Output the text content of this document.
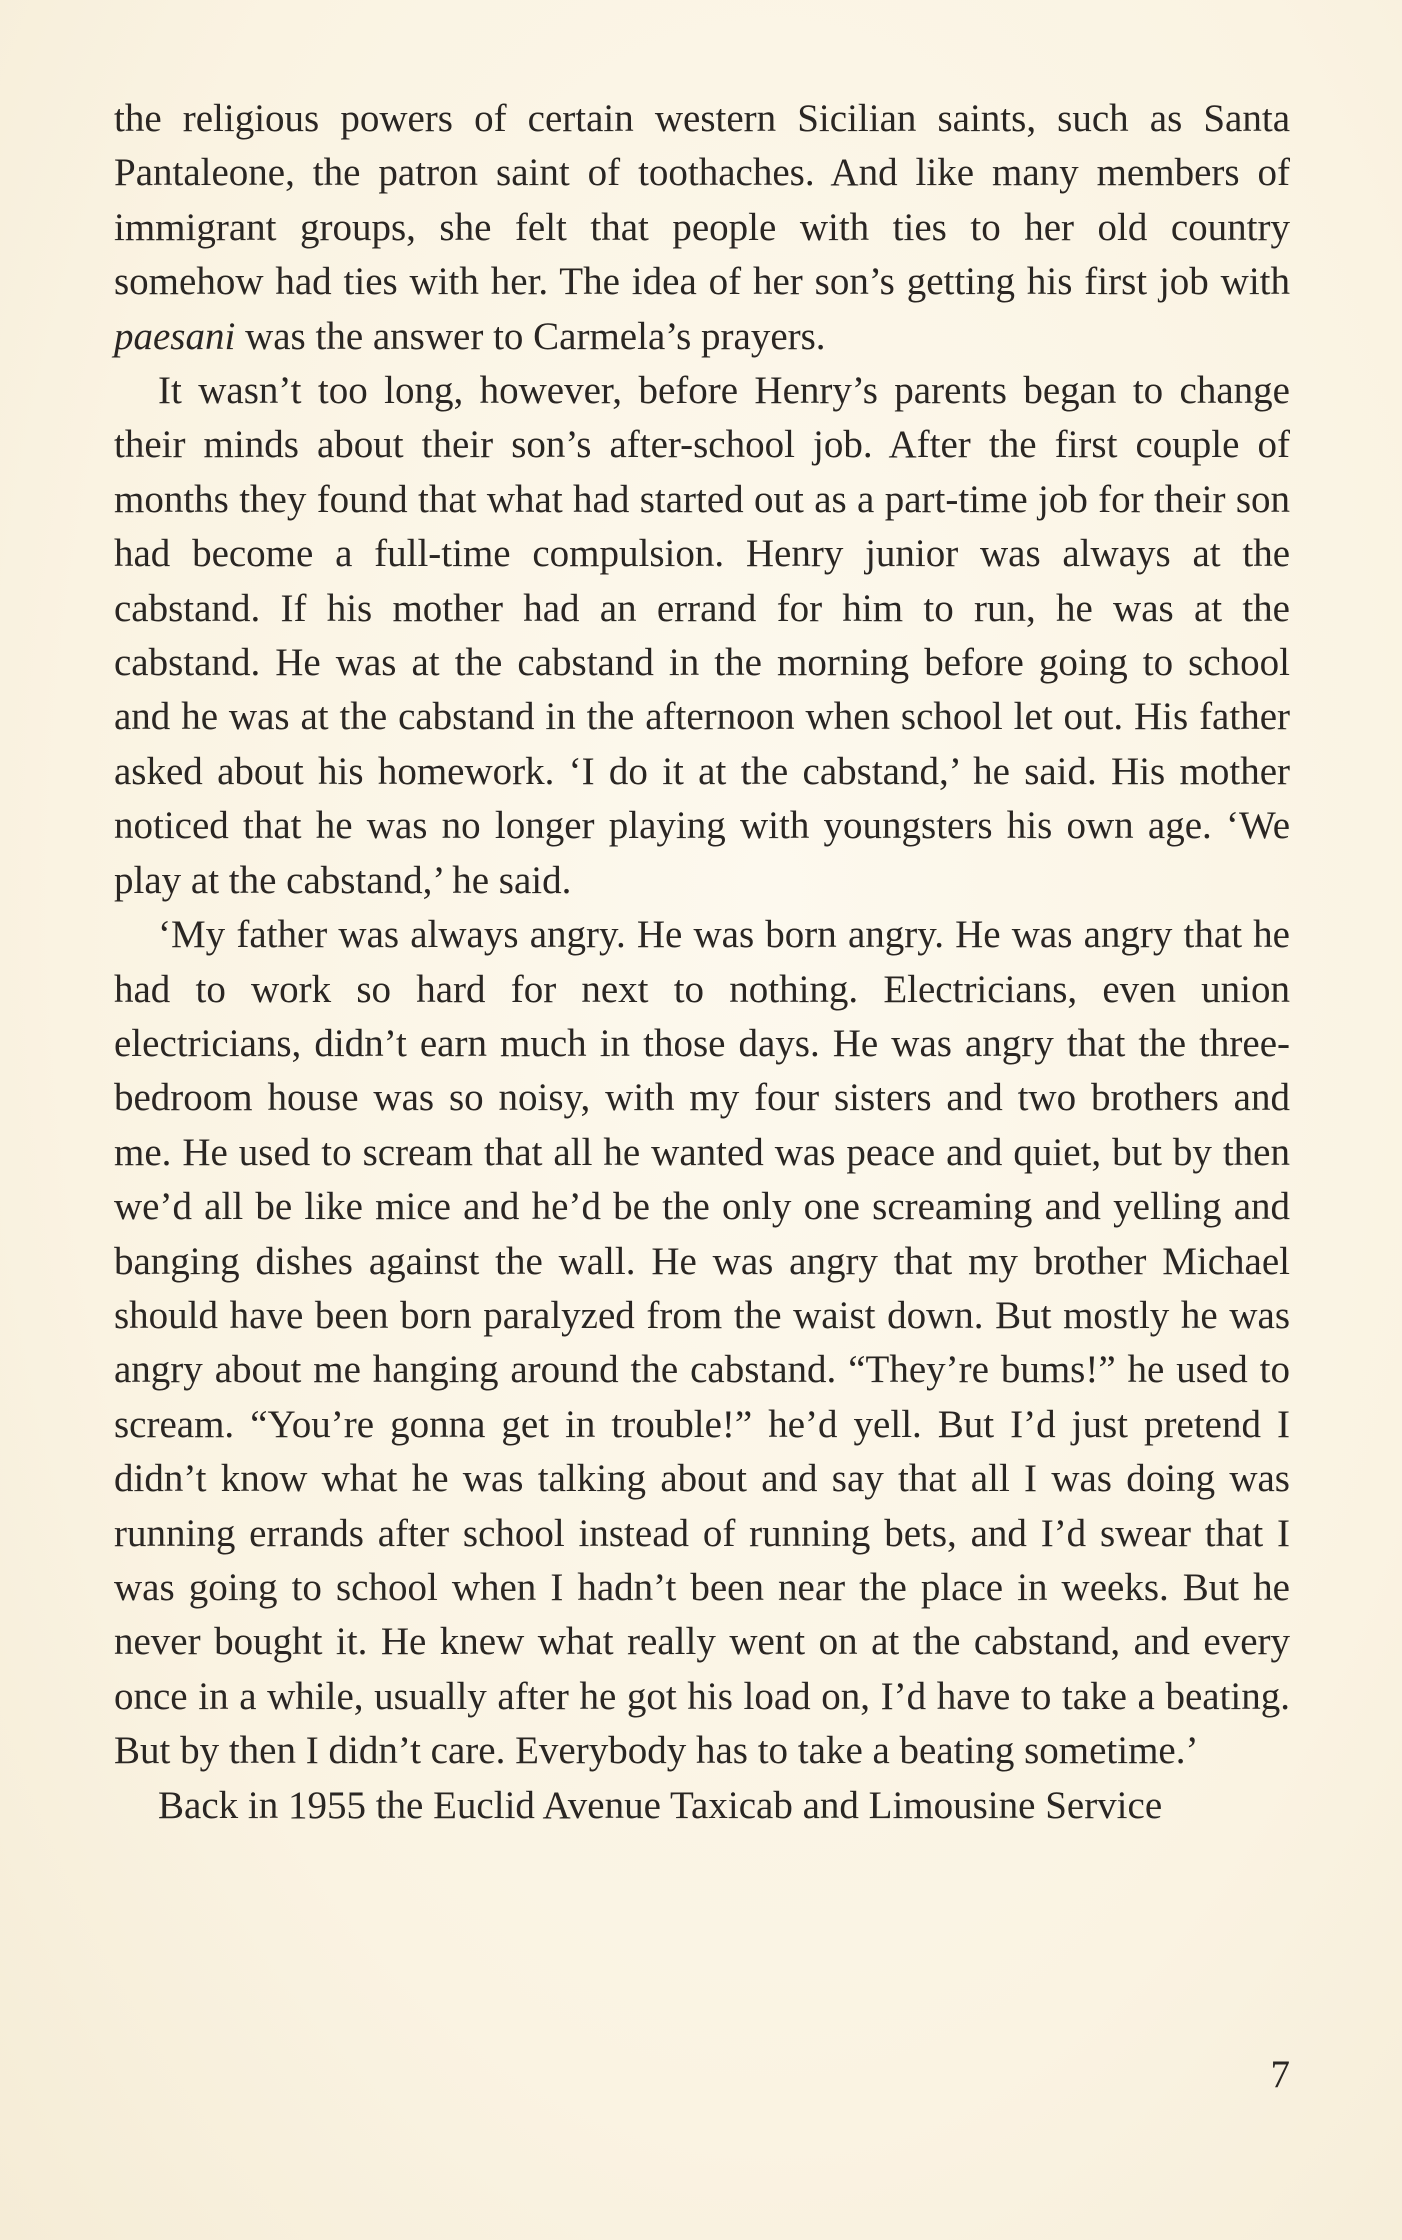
the religious powers of certain western Sicilian saints, such as Santa Pantaleone, the patron saint of toothaches. And like many members of immigrant groups, she felt that people with ties to her old country somehow had ties with her. The idea of her son’s getting his first job with paesani was the answer to Carmela’s prayers.

It wasn’t too long, however, before Henry’s parents began to change their minds about their son’s after-school job. After the first couple of months they found that what had started out as a part-time job for their son had become a full-time compulsion. Henry junior was always at the cabstand. If his mother had an errand for him to run, he was at the cabstand. He was at the cabstand in the morning before going to school and he was at the cabstand in the afternoon when school let out. His father asked about his homework. ‘I do it at the cabstand,’ he said. His mother noticed that he was no longer playing with youngsters his own age. ‘We play at the cabstand,’ he said.

‘My father was always angry. He was born angry. He was angry that he had to work so hard for next to nothing. Electricians, even union electricians, didn’t earn much in those days. He was angry that the three-bedroom house was so noisy, with my four sisters and two brothers and me. He used to scream that all he wanted was peace and quiet, but by then we’d all be like mice and he’d be the only one screaming and yelling and banging dishes against the wall. He was angry that my brother Michael should have been born paralyzed from the waist down. But mostly he was angry about me hanging around the cabstand. “They’re bums!” he used to scream. “You’re gonna get in trouble!” he’d yell. But I’d just pretend I didn’t know what he was talking about and say that all I was doing was running errands after school instead of running bets, and I’d swear that I was going to school when I hadn’t been near the place in weeks. But he never bought it. He knew what really went on at the cabstand, and every once in a while, usually after he got his load on, I’d have to take a beating. But by then I didn’t care. Everybody has to take a beating sometime.’

Back in 1955 the Euclid Avenue Taxicab and Limousine Service

7
